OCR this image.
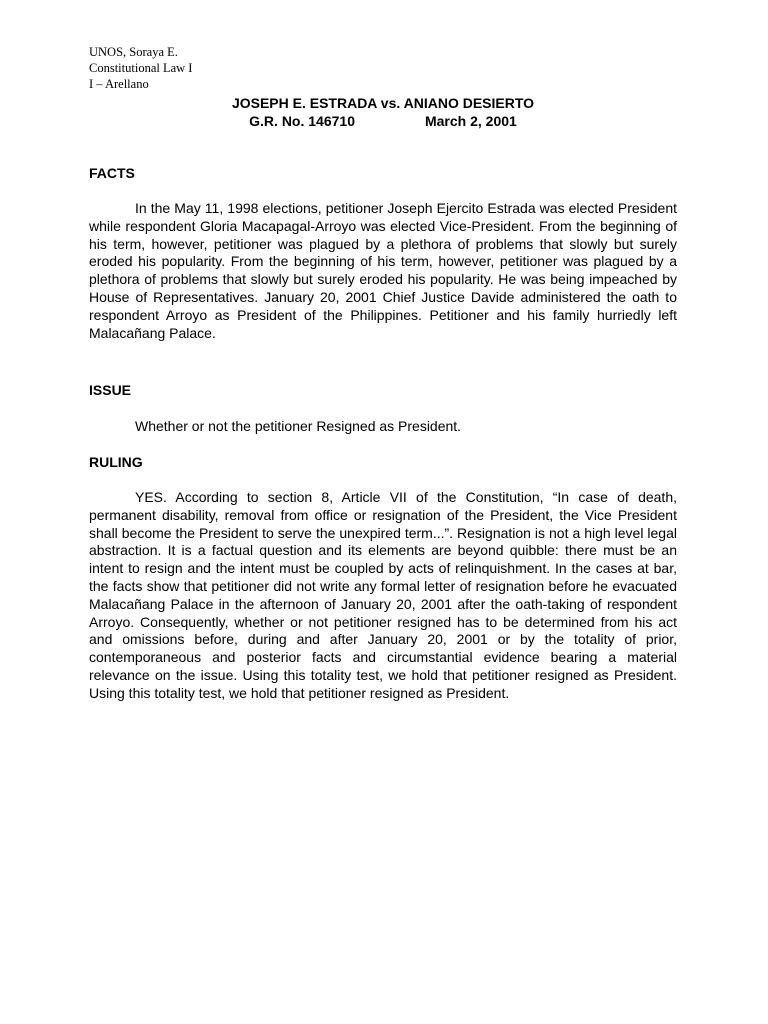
UNOS, Soraya E.
Constitutional Law I
I – Arellano
JOSEPH E. ESTRADA vs. ANIANO DESIERTO
G.R. No. 146710	March 2, 2001
FACTS

In the May 11, 1998 elections, petitioner Joseph Ejercito Estrada was elected President while respondent Gloria Macapagal-Arroyo was elected Vice-President. From the beginning of his term, however, petitioner was plagued by a plethora of problems that slowly but surely eroded his popularity. From the beginning of his term, however, petitioner was plagued by a plethora of problems that slowly but surely eroded his popularity. He was being impeached by House of Representatives. January 20, 2001 Chief Justice Davide administered the oath to respondent Arroyo as President of the Philippines. Petitioner and his family hurriedly left Malacañang Palace.

ISSUE

Whether or not the petitioner Resigned as President.

RULING

YES. According to section 8, Article VII of the Constitution, “In case of death, permanent disability, removal from office or resignation of the President, the Vice President shall become the President to serve the unexpired term...”. Resignation is not a high level legal abstraction. It is a factual question and its elements are beyond quibble: there must be an intent to resign and the intent must be coupled by acts of relinquishment. In the cases at bar, the facts show that petitioner did not write any formal letter of resignation before he evacuated Malacañang Palace in the afternoon of January 20, 2001 after the oath-taking of respondent Arroyo. Consequently, whether or not petitioner resigned has to be determined from his act and omissions before, during and after January 20, 2001 or by the totality of prior, contemporaneous and posterior facts and circumstantial evidence bearing a material relevance on the issue. Using this totality test, we hold that petitioner resigned as President. Using this totality test, we hold that petitioner resigned as President.
